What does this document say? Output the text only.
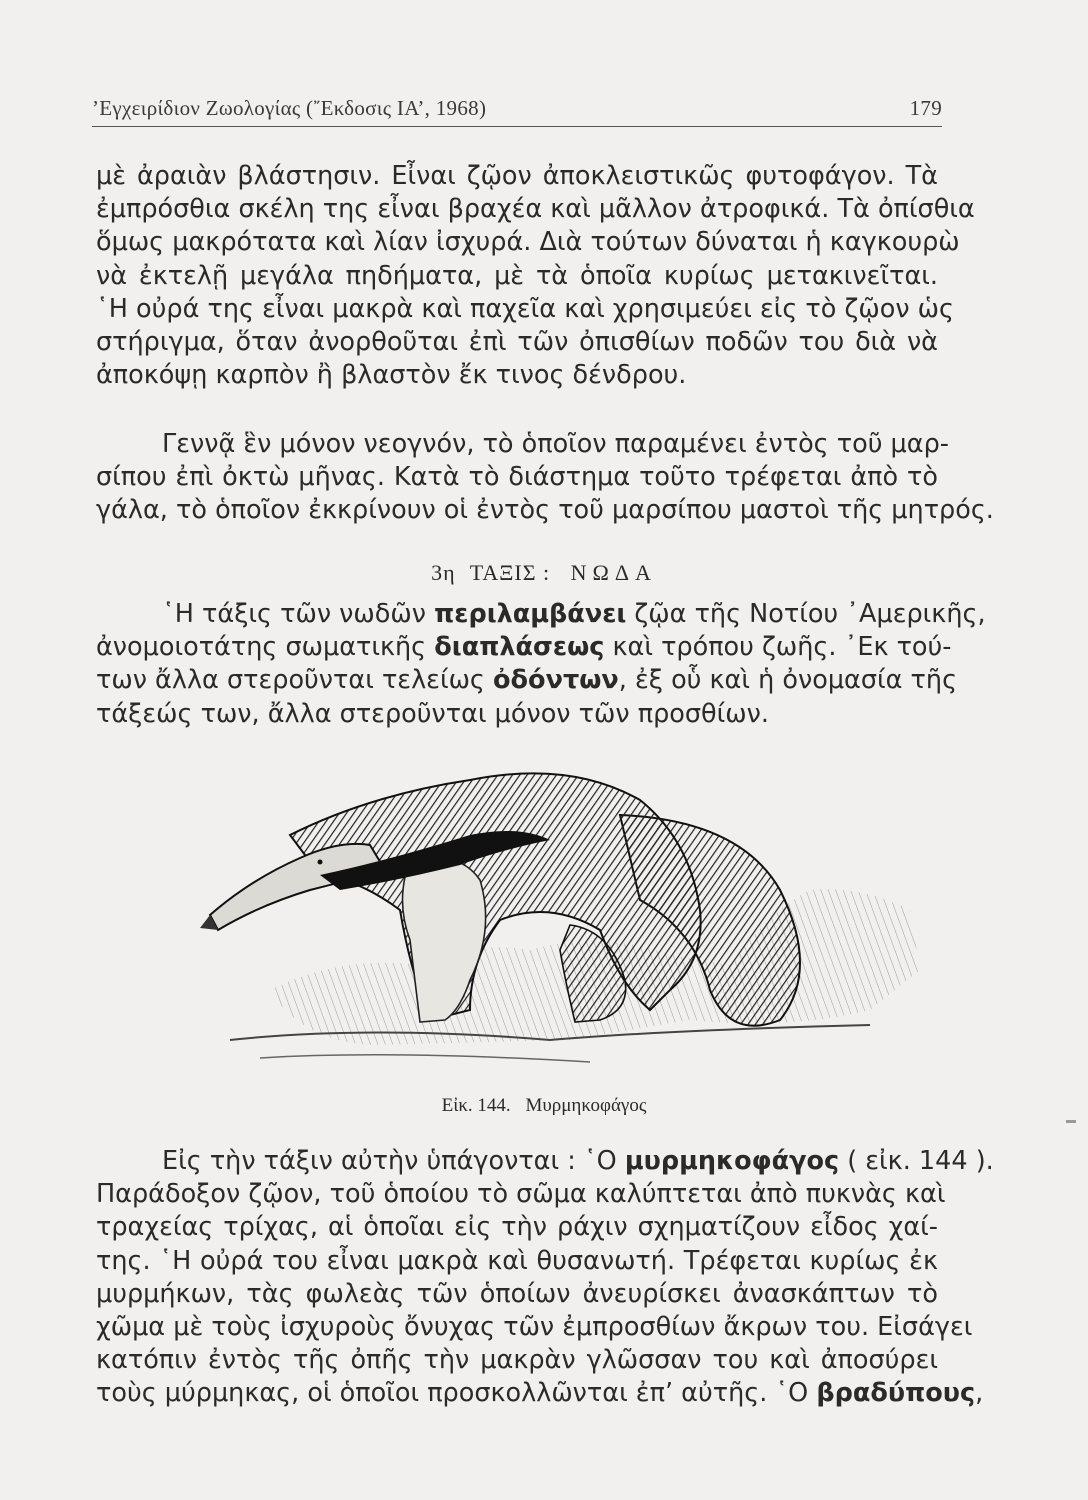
’Εγχειρίδιον Ζωολογίας (῎Εκδοσις ΙΑ’, 1968)	179
μὲ ἀραιὰν βλάστησιν. Εἶναι ζῷον ἀποκλειστικῶς φυτοφάγον. Τὰ
ἐμπρόσθια σκέλη της εἶναι βραχέα καὶ μᾶλλον ἀτροφικά. Τὰ ὀπίσθια
ὅμως μακρότατα καὶ λίαν ἰσχυρά. Διὰ τούτων δύναται ἡ καγκουρὼ
νὰ ἐκτελῇ μεγάλα πηδήματα, μὲ τὰ ὁποῖα κυρίως μετακινεῖται.
῾Η οὐρά της εἶναι μακρὰ καὶ παχεῖα καὶ χρησιμεύει εἰς τὸ ζῷον ὡς
στήριγμα, ὅταν ἀνορθοῦται ἐπὶ τῶν ὀπισθίων ποδῶν του διὰ νὰ
ἀποκόψῃ καρπὸν ἢ βλαστὸν ἔκ τινος δένδρου.
Γεννᾷ ἓν μόνον νεογνόν, τὸ ὁποῖον παραμένει ἐντὸς τοῦ μαρ-
σίπου ἐπὶ ὀκτὼ μῆνας. Κατὰ τὸ διάστημα τοῦτο τρέφεται ἀπὸ τὸ
γάλα, τὸ ὁποῖον ἐκκρίνουν οἱ ἐντὸς τοῦ μαρσίπου μαστοὶ τῆς μητρός.
3η ΤΑΞΙΣ : ΝΩΔΑ
῾Η τάξις τῶν νωδῶν περιλαμβάνει ζῷα τῆς Νοτίου ᾿Αμερικῆς,
ἀνομοιοτάτης σωματικῆς διαπλάσεως καὶ τρόπου ζωῆς. ᾿Εκ τού-
των ἄλλα στεροῦνται τελείως ὀδόντων, ἐξ οὗ καὶ ἡ ὀνομασία τῆς
τάξεώς των, ἄλλα στεροῦνται μόνον τῶν προσθίων.
Εἰκ. 144. Μυρμηκοφάγος
Εἰς τὴν τάξιν αὐτὴν ὑπάγονται : ῾Ο μυρμηκοφάγος ( εἰκ. 144 ).
Παράδοξον ζῷον, τοῦ ὁποίου τὸ σῶμα καλύπτεται ἀπὸ πυκνὰς καὶ
τραχείας τρίχας, αἱ ὁποῖαι εἰς τὴν ράχιν σχηματίζουν εἶδος χαί-
της. ῾Η οὐρά του εἶναι μακρὰ καὶ θυσανωτή. Τρέφεται κυρίως ἐκ
μυρμήκων, τὰς φωλεὰς τῶν ὁποίων ἀνευρίσκει ἀνασκάπτων τὸ
χῶμα μὲ τοὺς ἰσχυροὺς ὄνυχας τῶν ἐμπροσθίων ἄκρων του. Εἰσάγει
κατόπιν ἐντὸς τῆς ὀπῆς τὴν μακρὰν γλῶσσαν του καὶ ἀποσύρει
τοὺς μύρμηκας, οἱ ὁποῖοι προσκολλῶνται ἐπ’ αὐτῆς. ῾Ο βραδύπους,
